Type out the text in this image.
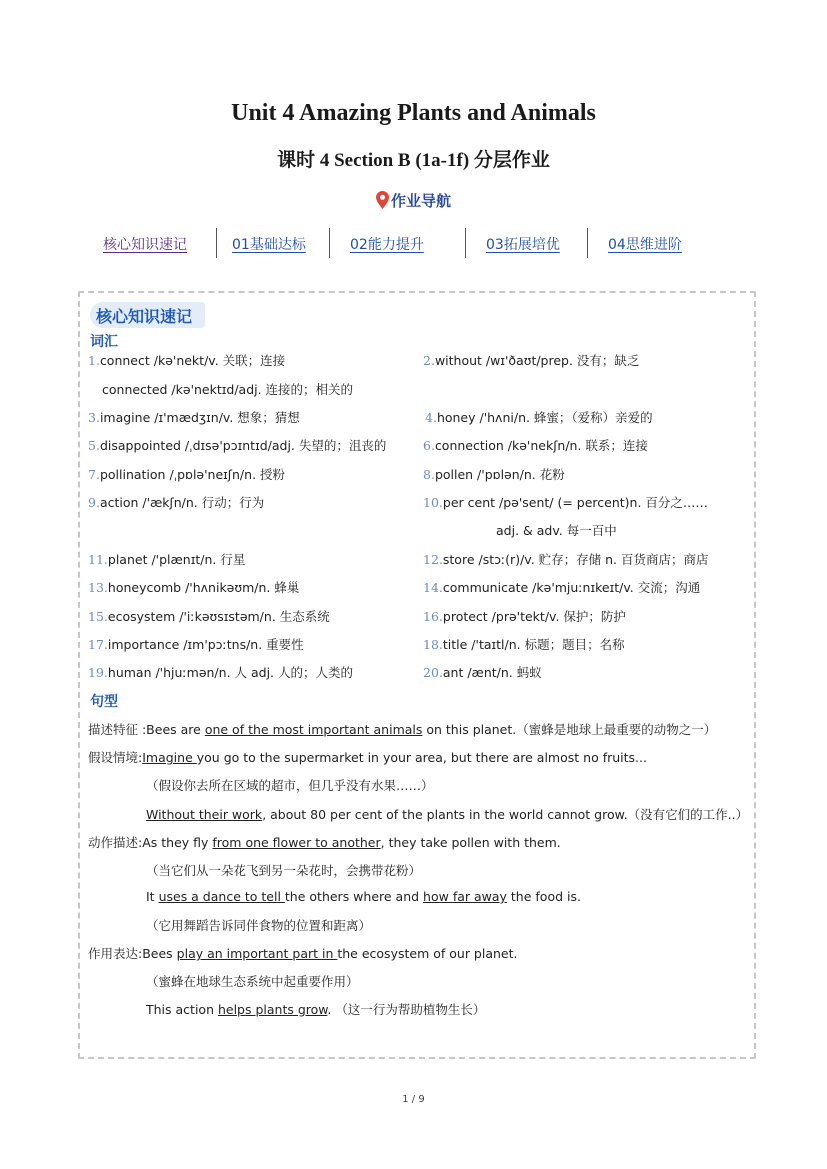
Unit 4 Amazing Plants and Animals
课时 4 Section B (1a-1f) 分层作业
作业导航
核心知识速记	01基础达标	02能力提升	03拓展培优	04思维进阶
核心知识速记
词汇
1.connect /kə'nekt/v. 关联；连接	2.without /wɪ'ðaʊt/prep. 没有；缺乏
connected /kə'nektɪd/adj. 连接的；相关的
3.imagine /ɪ'mædʒɪn/v. 想象；猜想	4.honey /'hʌni/n. 蜂蜜；（爱称）亲爱的
5.disappointed /ˌdɪsə'pɔɪntɪd/adj. 失望的；沮丧的	6.connection /kə'nekʃn/n. 联系；连接
7.pollination /ˌpɒlə'neɪʃn/n. 授粉	8.pollen /'pɒlən/n. 花粉
9.action /'ækʃn/n. 行动；行为	10.per cent /pə'sent/ (= percent)n. 百分之……
adj. & adv. 每一百中
11.planet /'plænɪt/n. 行星	12.store /stɔː(r)/v. 贮存；存储 n. 百货商店；商店
13.honeycomb /'hʌnikəʊm/n. 蜂巢	14.communicate /kə'mjuːnɪkeɪt/v. 交流；沟通
15.ecosystem /'iːkəʊsɪstəm/n. 生态系统	16.protect /prə'tekt/v. 保护；防护
17.importance /ɪm'pɔːtns/n. 重要性	18.title /'taɪtl/n. 标题；题目；名称
19.human /'hjuːmən/n. 人 adj. 人的；人类的	20.ant /ænt/n. 蚂蚁
句型
描述特征 :Bees are one of the most important animals on this planet.（蜜蜂是地球上最重要的动物之一）
假设情境:Imagine you go to the supermarket in your area, but there are almost no fruits...
（假设你去所在区域的超市，但几乎没有水果……）
Without their work, about 80 per cent of the plants in the world cannot grow.（没有它们的工作..）
动作描述:As they fly from one flower to another, they take pollen with them.
（当它们从一朵花飞到另一朵花时，会携带花粉）
It uses a dance to tell the others where and how far away the food is.
（它用舞蹈告诉同伴食物的位置和距离）
作用表达:Bees play an important part in the ecosystem of our planet.
（蜜蜂在地球生态系统中起重要作用）
This action helps plants grow. （这一行为帮助植物生长）
1 / 9
